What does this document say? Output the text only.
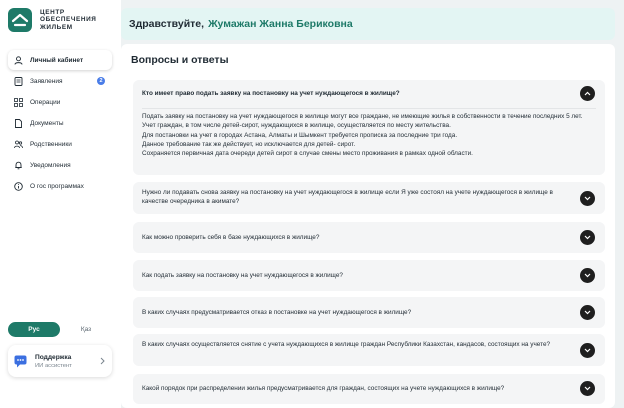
ЦЕНТР
ОБЕСПЕЧЕНИЯ
ЖИЛЬЕМ
Личный кабинет
Заявления	2
Операции
Документы
Родственники
Уведомления
О гос программах
Рус	Қаз
Поддержка
ИИ ассистент
Здравствуйте, Жумажан Жанна Бериковна
Вопросы и ответы
Кто имеет право подать заявку на постановку на учет нуждающегося в жилище?
Подать заявку на постановку на учет нуждающегося в жилище могут все граждане, не имеющие жилья в собственности в течение последних 5 лет.
Учет граждан, в том числе детей-сирот, нуждающихся в жилище, осуществляется по месту жительства.
Для постановки на учет в городах Астана, Алматы и Шымкент требуется прописка за последние три года.
Данное требование так же действует, но исключается для детей- сирот.
Сохраняется первичная дата очереди детей сирот в случае смены место проживания в рамках одной области.
Нужно ли подавать снова заявку на постановку на учет нуждающегося в жилище если Я уже состоял на учете нуждающегося в жилище в качестве очередника в акимате?
Как можно проверить себя в базе нуждающихся в жилище?
Как подать заявку на постановку на учет нуждающегося в жилище?
В каких случаях предусматривается отказ в постановке на учет нуждающегося в жилище?
В каких случаях осуществляется снятие с учета нуждающихся в жилище граждан Республики Казахстан, кандасов, состоящих на учете?
Какой порядок при распределении жилья предусматривается для граждан, состоящих на учете нуждающихся в жилище?
